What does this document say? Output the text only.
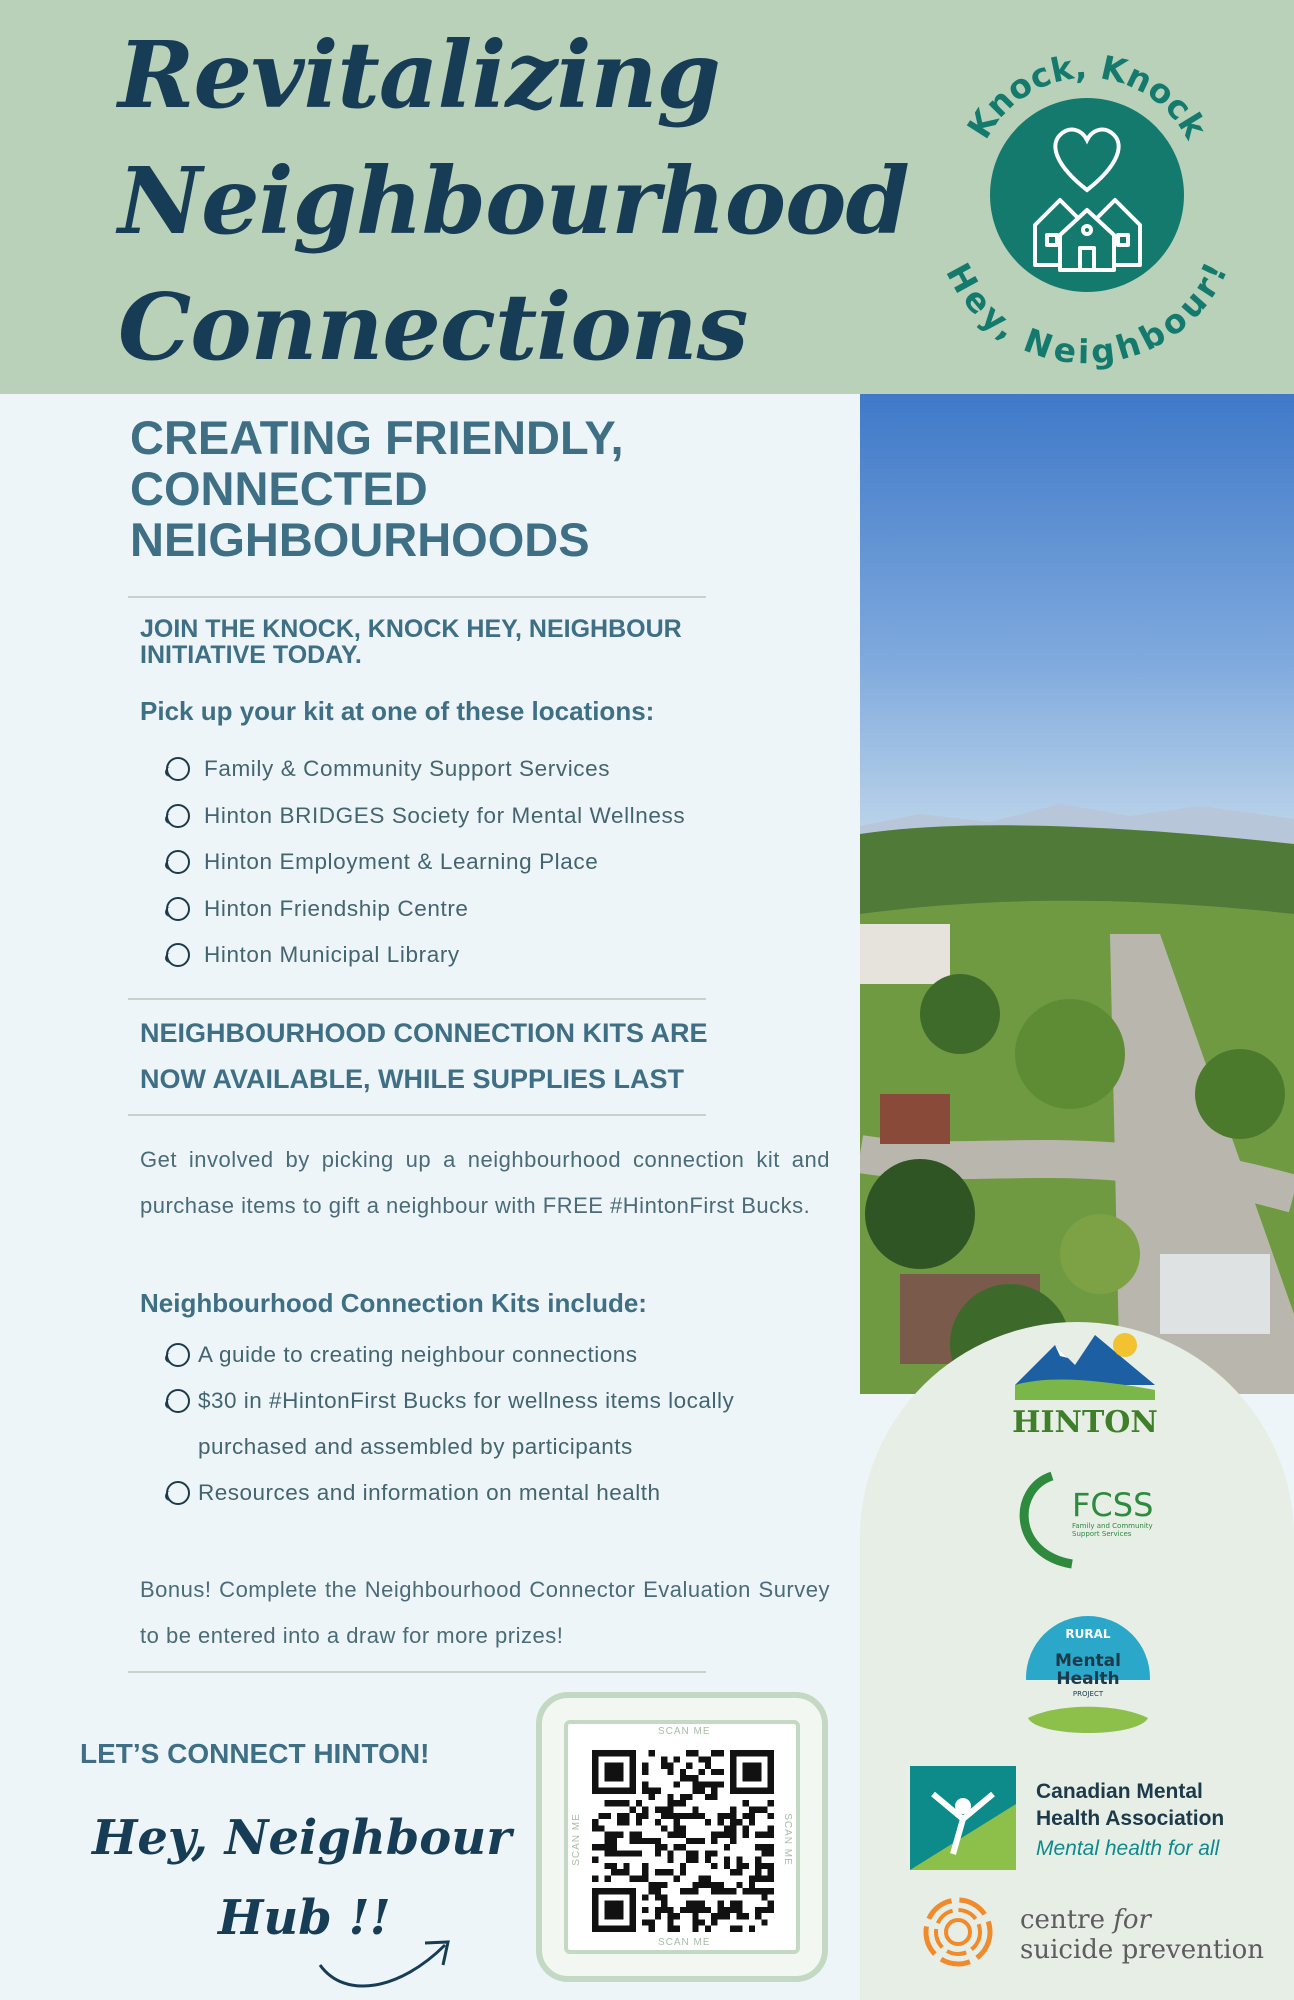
Revitalizing
Neighbourhood
Connections
Knock, Knock
Hey, Neighbour!
CREATING FRIENDLY, CONNECTED NEIGHBOURHOODS
JOIN THE KNOCK, KNOCK HEY, NEIGHBOUR INITIATIVE TODAY.
Pick up your kit at one of these locations:
Family & Community Support Services
Hinton BRIDGES Society for Mental Wellness
Hinton Employment & Learning Place
Hinton Friendship Centre
Hinton Municipal Library
NEIGHBOURHOOD CONNECTION KITS ARE
NOW AVAILABLE, WHILE SUPPLIES LAST
Get involved by picking up a neighbourhood connection kit and purchase items to gift a neighbour with FREE #HintonFirst Bucks.
Neighbourhood Connection Kits include:
A guide to creating neighbour connections
$30 in #HintonFirst Bucks for wellness items locally purchased and assembled by participants
Resources and information on mental health
Bonus! Complete the Neighbourhood Connector Evaluation Survey to be entered into a draw for more prizes!
LET’S CONNECT HINTON!
Hey, Neighbour
Hub !!
SCAN ME
SCAN ME
SCAN ME	SCAN ME
HINTON
FCSS
Family and Community
Support Services
RURAL
Mental
Health
PROJECT
Canadian Mental
Health Association
Mental health for all
centre for
suicide prevention
